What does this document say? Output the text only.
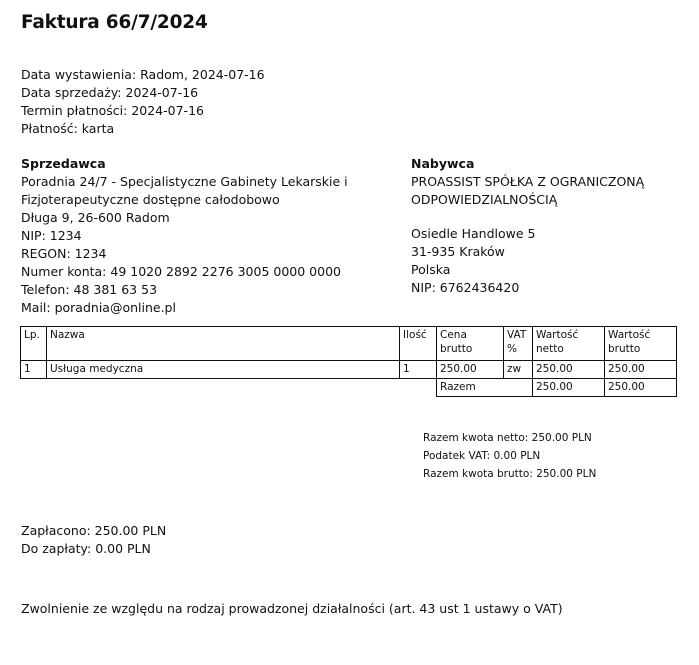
Faktura 66/7/2024
Data wystawienia: Radom, 2024-07-16
Data sprzedaży: 2024-07-16
Termin płatności: 2024-07-16
Płatność: karta
Sprzedawca
Poradnia 24/7 - Specjalistyczne Gabinety Lekarskie i Fizjoterapeutyczne dostępne całodobowo
Długa 9, 26-600 Radom
NIP: 1234
REGON: 1234
Numer konta: 49 1020 2892 2276 3005 0000 0000
Telefon: 48 381 63 53
Mail: poradnia@online.pl
Nabywca
PROASSIST SPÓŁKA Z OGRANICZONĄ ODPOWIEDZIALNOŚCIĄ
Osiedle Handlowe 5
31-935 Kraków
Polska
NIP: 6762436420
Lp.	Nazwa	Ilość	Cena brutto	VAT %	Wartość netto	Wartość brutto
1	Usługa medyczna	1	250.00	zw	250.00	250.00
			Razem		250.00	250.00
Razem kwota netto: 250.00 PLN
Podatek VAT: 0.00 PLN
Razem kwota brutto: 250.00 PLN
Zapłacono: 250.00 PLN
Do zapłaty: 0.00 PLN
Zwolnienie ze względu na rodzaj prowadzonej działalności (art. 43 ust 1 ustawy o VAT)
